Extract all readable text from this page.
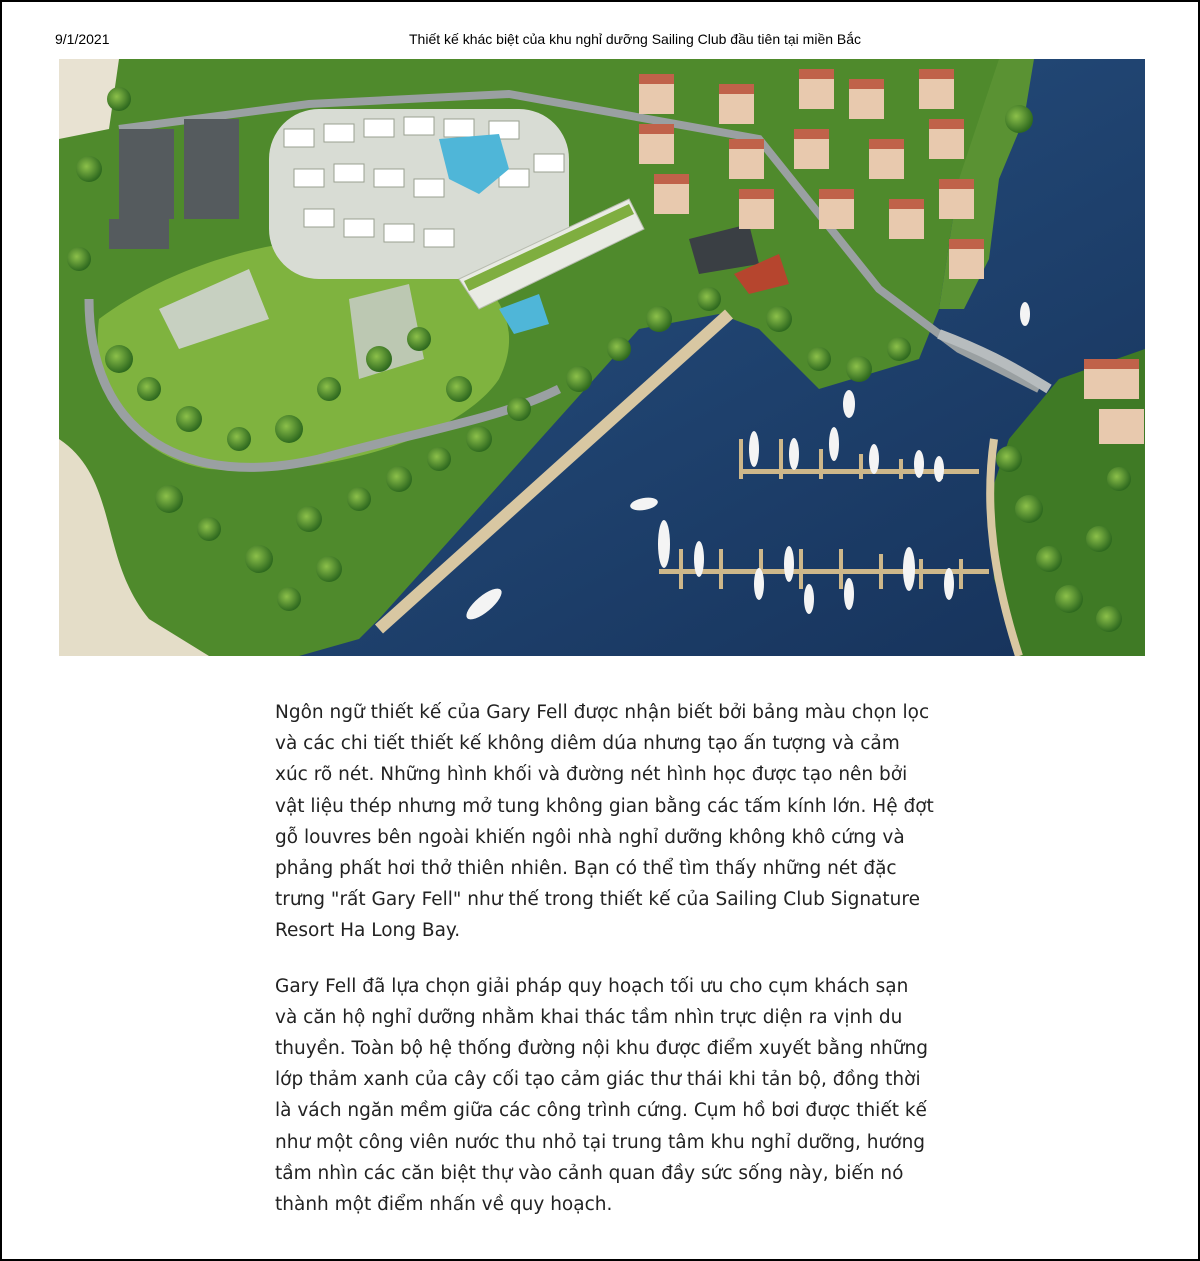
9/1/2021	Thiết kế khác biệt của khu nghỉ dưỡng Sailing Club đầu tiên tại miền Bắc

Ngôn ngữ thiết kế của Gary Fell được nhận biết bởi bảng màu chọn lọc và các chi tiết thiết kế không diêm dúa nhưng tạo ấn tượng và cảm xúc rõ nét. Những hình khối và đường nét hình học được tạo nên bởi vật liệu thép nhưng mở tung không gian bằng các tấm kính lớn. Hệ đợt gỗ louvres bên ngoài khiến ngôi nhà nghỉ dưỡng không khô cứng và phảng phất hơi thở thiên nhiên. Bạn có thể tìm thấy những nét đặc trưng "rất Gary Fell" như thế trong thiết kế của Sailing Club Signature Resort Ha Long Bay.

Gary Fell đã lựa chọn giải pháp quy hoạch tối ưu cho cụm khách sạn và căn hộ nghỉ dưỡng nhằm khai thác tầm nhìn trực diện ra vịnh du thuyền. Toàn bộ hệ thống đường nội khu được điểm xuyết bằng những lớp thảm xanh của cây cối tạo cảm giác thư thái khi tản bộ, đồng thời là vách ngăn mềm giữa các công trình cứng. Cụm hồ bơi được thiết kế như một công viên nước thu nhỏ tại trung tâm khu nghỉ dưỡng, hướng tầm nhìn các căn biệt thự vào cảnh quan đầy sức sống này, biến nó thành một điểm nhấn về quy hoạch.
